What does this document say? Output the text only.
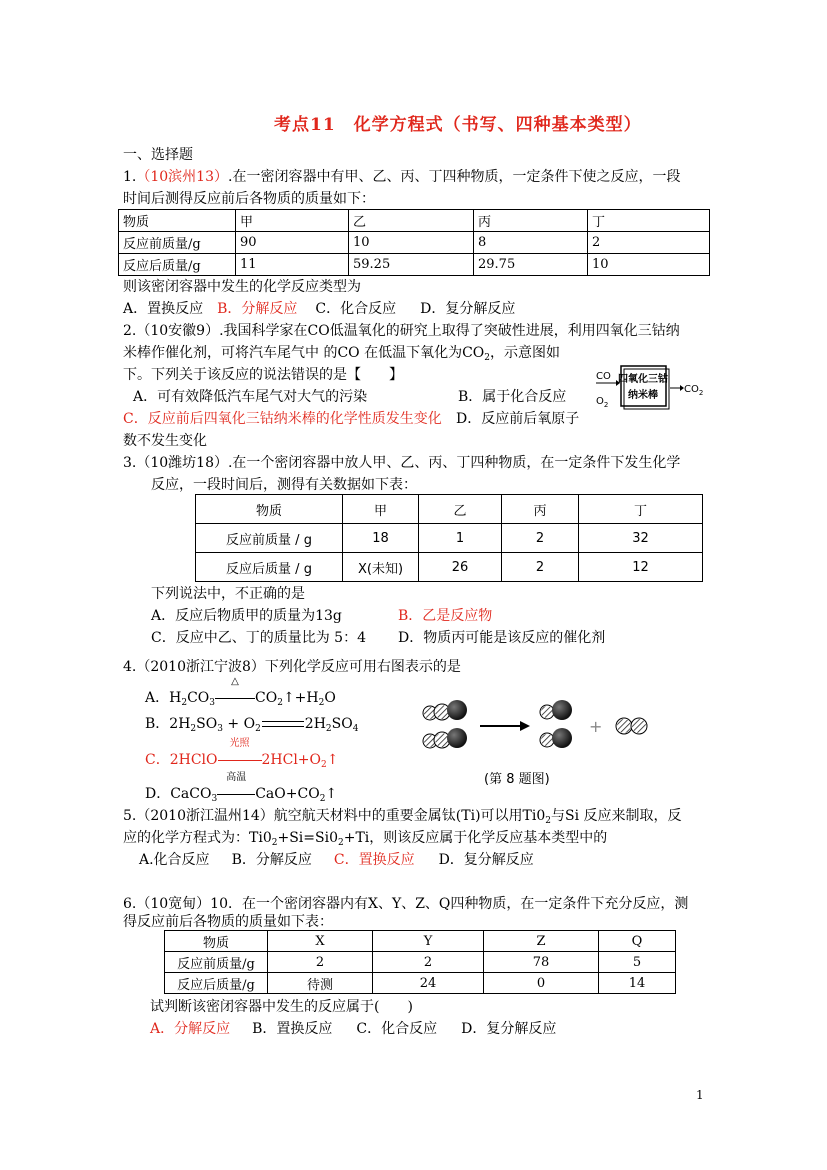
考点11　化学方程式（书写、四种基本类型）
一、选择题
1.（10滨州13）.在一密闭容器中有甲、乙、丙、丁四种物质，一定条件下使之反应，一段
时间后测得反应前后各物质的质量如下：
物质	甲	乙	丙	丁
反应前质量/g	90	10	8	2
反应后质量/g	11	59.25	29.75	10
则该密闭容器中发生的化学反应类型为
A．置换反应 B．分解反应 C．化合反应 D．复分解反应
2.（10安徽9）.我国科学家在CO低温氧化的研究上取得了突破性进展，利用四氧化三钴纳
米棒作催化剂，可将汽车尾气中 的CO 在低温下氧化为$CO_2$，示意图如
下。下列关于该反应的说法错误的是【　　】
A．可有效降低汽车尾气对大气的污染	B．属于化合反应
C．反应前后四氧化三钴纳米棒的化学性质发生变化 D．反应前后氧原子
数不发生变化
CO
$O_2$
四氧化三钴
纳米棒
$CO_2$
3.（10潍坊18）.在一个密闭容器中放人甲、乙、丙、丁四种物质，在一定条件下发生化学
反应，一段时间后，测得有关数据如下表：
物质	甲	乙	丙	丁
反应前质量 / g	18	1	2	32
反应后质量 / g	X(未知)	26	2	12
下列说法中，不正确的是
A．反应后物质甲的质量为13g	B．乙是反应物
C．反应中乙、丁的质量比为 5：4 D．物质丙可能是该反应的催化剂
4.（2010浙江宁波8）下列化学反应可用右图表示的是
A．$H_2CO_3$
△
$CO_2↑+H_2O$
B．$2H_2SO_3 + O_2$	$2H_2SO_4$
C．2HClO
光照
$2HCl+O_2↑$
D．CaCO$_3$
高温
$CaO+CO_2↑$
+
(第 8 题图)
5.（2010浙江温州14）航空航天材料中的重要金属钛(Ti)可以用$Ti0_2$与Si 反应来制取，反
应的化学方程式为：$Ti0_2+Si=Si0_2+Ti$，则该反应属于化学反应基本类型中的
A.化合反应 B．分解反应 C．置换反应 D．复分解反应
6.（10宽甸）10．在一个密闭容器内有X、Y、Z、Q四种物质，在一定条件下充分反应，测
得反应前后各物质的质量如下表：
物质	X	Y	Z	Q
反应前质量/g	2	2	78	5
反应后质量/g	待测	24	0	14
试判断该密闭容器中发生的反应属于(　　)
A．分解反应 B．置换反应 C．化合反应 D．复分解反应
1
